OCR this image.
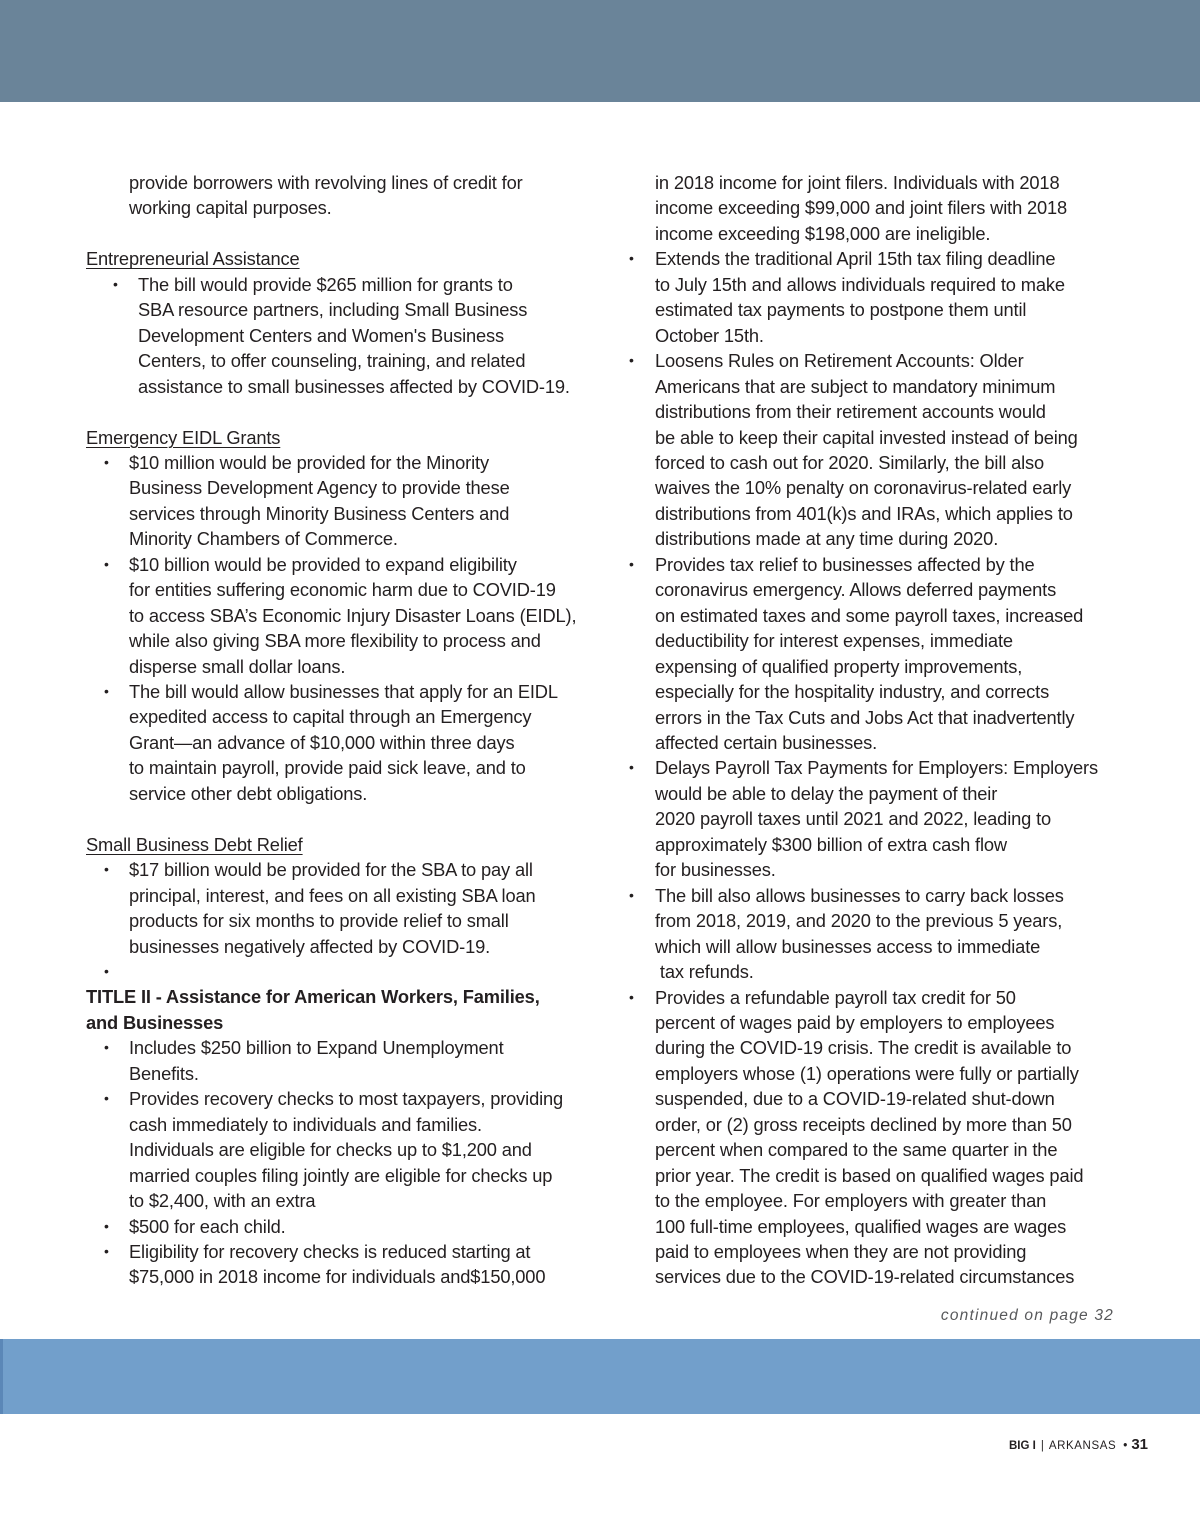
provide borrowers with revolving lines of credit for

working capital purposes.

Entrepreneurial Assistance

• The bill would provide $265 million for grants to

SBA resource partners, including Small Business

Development Centers and Women's Business

Centers, to offer counseling, training, and related

assistance to small businesses affected by COVID-19.

Emergency EIDL Grants

• $10 million would be provided for the Minority

Business Development Agency to provide these

services through Minority Business Centers and

Minority Chambers of Commerce.

• $10 billion would be provided to expand eligibility

for entities suffering economic harm due to COVID-19

to access SBA’s Economic Injury Disaster Loans (EIDL),

while also giving SBA more flexibility to process and

disperse small dollar loans.

• The bill would allow businesses that apply for an EIDL

expedited access to capital through an Emergency

Grant—an advance of $10,000 within three days

to maintain payroll, provide paid sick leave, and to

service other debt obligations.

Small Business Debt Relief

• $17 billion would be provided for the SBA to pay all

principal, interest, and fees on all existing SBA loan

products for six months to provide relief to small

businesses negatively affected by COVID-19.

•

TITLE II - Assistance for American Workers, Families,

and Businesses

• Includes $250 billion to Expand Unemployment

Benefits.

• Provides recovery checks to most taxpayers, providing

cash immediately to individuals and families.

Individuals are eligible for checks up to $1,200 and

married couples filing jointly are eligible for checks up

to $2,400, with an extra

• $500 for each child.

• Eligibility for recovery checks is reduced starting at

$75,000 in 2018 income for individuals and$150,000

in 2018 income for joint filers. Individuals with 2018

income exceeding $99,000 and joint filers with 2018

income exceeding $198,000 are ineligible.

• Extends the traditional April 15th tax filing deadline

to July 15th and allows individuals required to make

estimated tax payments to postpone them until

October 15th.

• Loosens Rules on Retirement Accounts: Older

Americans that are subject to mandatory minimum

distributions from their retirement accounts would

be able to keep their capital invested instead of being

forced to cash out for 2020. Similarly, the bill also

waives the 10% penalty on coronavirus-related early

distributions from 401(k)s and IRAs, which applies to

distributions made at any time during 2020.

• Provides tax relief to businesses affected by the

coronavirus emergency. Allows deferred payments

on estimated taxes and some payroll taxes, increased

deductibility for interest expenses, immediate

expensing of qualified property improvements,

especially for the hospitality industry, and corrects

errors in the Tax Cuts and Jobs Act that inadvertently

affected certain businesses.

• Delays Payroll Tax Payments for Employers: Employers

would be able to delay the payment of their

2020 payroll taxes until 2021 and 2022, leading to

approximately $300 billion of extra cash flow

for businesses.

• The bill also allows businesses to carry back losses

from 2018, 2019, and 2020 to the previous 5 years,

which will allow businesses access to immediate

tax refunds.

• Provides a refundable payroll tax credit for 50

percent of wages paid by employers to employees

during the COVID-19 crisis. The credit is available to

employers whose (1) operations were fully or partially

suspended, due to a COVID-19-related shut-down

order, or (2) gross receipts declined by more than 50

percent when compared to the same quarter in the

prior year. The credit is based on qualified wages paid

to the employee. For employers with greater than

100 full-time employees, qualified wages are wages

paid to employees when they are not providing

services due to the COVID-19-related circumstances

continued on page 32
BIG I | ARKANSAS • 31
